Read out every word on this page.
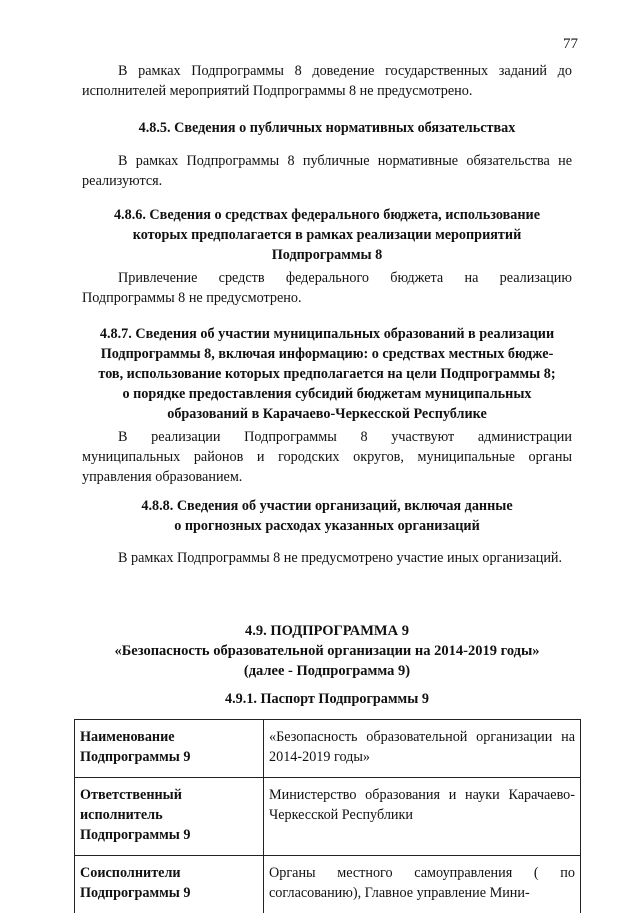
77

В рамках Подпрограммы 8 доведение государственных заданий до исполнителей мероприятий Подпрограммы 8 не предусмотрено.

4.8.5. Сведения о публичных нормативных обязательствах

В рамках Подпрограммы 8 публичные нормативные обязательства не реализуются.

4.8.6. Сведения о средствах федерального бюджета, использование
которых предполагается в рамках реализации мероприятий
Подпрограммы 8

Привлечение средств федерального бюджета на реализацию Подпрограммы 8 не предусмотрено.

4.8.7. Сведения об участии муниципальных образований в реализации
Подпрограммы 8, включая информацию: о средствах местных бюдже-
тов, использование которых предполагается на цели Подпрограммы 8;
о порядке предоставления субсидий бюджетам муниципальных
образований в Карачаево-Черкесской Республике

В реализации Подпрограммы 8 участвуют администрации муниципальных районов и городских округов, муниципальные органы управления образованием.

4.8.8. Сведения об участии организаций, включая данные
о прогнозных расходах указанных организаций

В рамках Подпрограммы 8 не предусмотрено участие иных организаций.

4.9. ПОДПРОГРАММА 9
«Безопасность образовательной организации на 2014-2019 годы»
(далее - Подпрограмма 9)

4.9.1. Паспорт Подпрограммы 9

Наименование Подпрограммы 9	«Безопасность образовательной организации на 2014-2019 годы»
Ответственный исполнитель Подпрограммы 9	Министерство образования и науки Карачаево-Черкесской Республики
Соисполнители Подпрограммы 9	Органы местного самоуправления ( по согласованию), Главное управление Мини-
